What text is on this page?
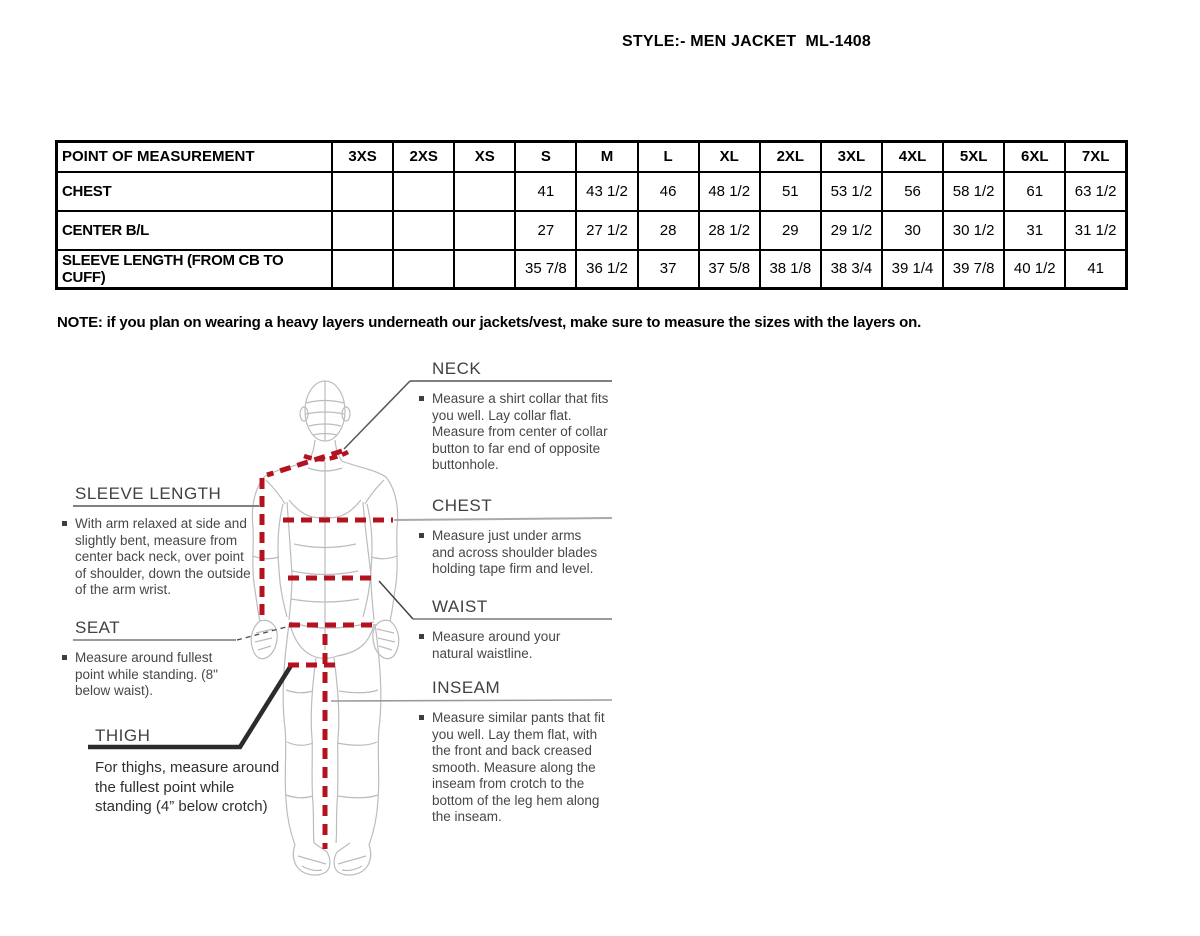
STYLE:- MEN JACKET  ML-1408
POINT OF MEASUREMENT	3XS	2XS	XS	S	M	L	XL	2XL	3XL	4XL	5XL	6XL	7XL
CHEST				41	43 1/2	46	48 1/2	51	53 1/2	56	58 1/2	61	63 1/2
CENTER B/L				27	27 1/2	28	28 1/2	29	29 1/2	30	30 1/2	31	31 1/2
SLEEVE LENGTH (FROM CB TO CUFF)				35 7/8	36 1/2	37	37 5/8	38 1/8	38 3/4	39 1/4	39 7/8	40 1/2	41
NOTE: if you plan on wearing a heavy layers underneath our jackets/vest, make sure to measure the sizes with the layers on.
NECK
Measure a shirt collar that fits you well. Lay collar flat. Measure from center of collar button to far end of opposite buttonhole.
CHEST
Measure just under arms and across shoulder blades holding tape firm and level.
WAIST
Measure around your natural waistline.
INSEAM
Measure similar pants that fit you well. Lay them flat, with the front and back creased smooth. Measure along the inseam from crotch to the bottom of the leg hem along the inseam.
SLEEVE LENGTH
With arm relaxed at side and slightly bent, measure from center back neck, over point of shoulder, down the outside of the arm wrist.
SEAT
Measure around fullest point while standing. (8" below waist).
THIGH
For thighs, measure around the fullest point while standing (4” below crotch)
